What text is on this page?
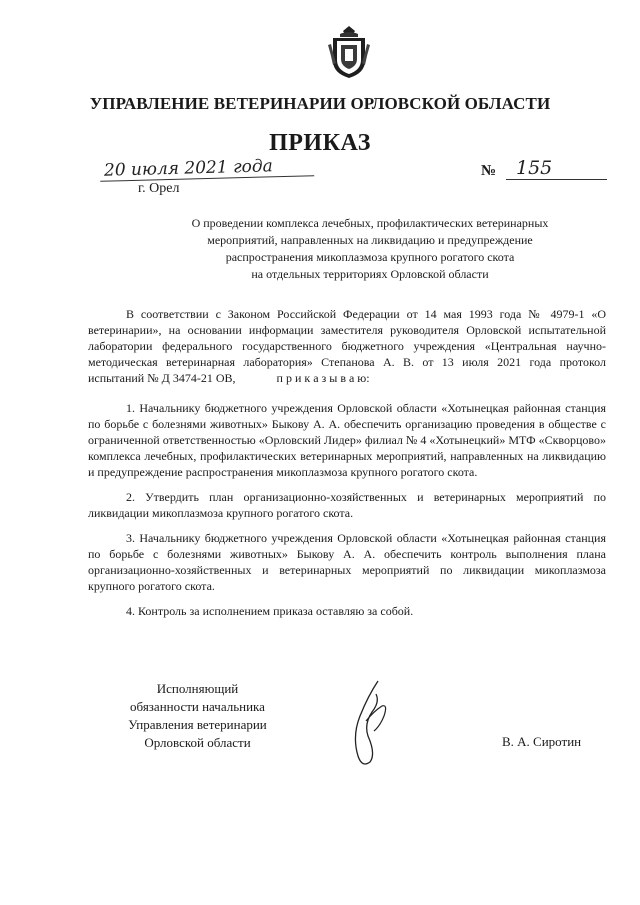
УПРАВЛЕНИЕ ВЕТЕРИНАРИИ ОРЛОВСКОЙ ОБЛАСТИ
ПРИКАЗ
20 июля 2021 года
г. Орел
№	155
О проведении комплекса лечебных, профилактических ветеринарных
мероприятий, направленных на ликвидацию и предупреждение
распространения микоплазмоза крупного рогатого скота
на отдельных территориях Орловской области

В соответствии с Законом Российской Федерации от 14 мая 1993 года № 4979-1 «О ветеринарии», на основании информации заместителя руководителя Орловской испытательной лаборатории федерального государственного бюджетного учреждения «Центральная научно-методическая ветеринарная лаборатория» Степанова А. В. от 13 июля 2021 года протокол испытаний № Д 3474-21 ОВ,	п р и к а з ы в а ю:

1. Начальнику бюджетного учреждения Орловской области «Хотынецкая районная станция по борьбе с болезнями животных» Быкову А. А. обеспечить организацию проведения в обществе с ограниченной ответственностью «Орловский Лидер» филиал № 4 «Хотынецкий» МТФ «Скворцово» комплекса лечебных, профилактических ветеринарных мероприятий, направленных на ликвидацию и предупреждение распространения микоплазмоза крупного рогатого скота.

2. Утвердить план организационно-хозяйственных и ветеринарных мероприятий по ликвидации микоплазмоза крупного рогатого скота.

3. Начальнику бюджетного учреждения Орловской области «Хотынецкая районная станция по борьбе с болезнями животных» Быкову А. А. обеспечить контроль выполнения плана организационно-хозяйственных и ветеринарных мероприятий по ликвидации микоплазмоза крупного рогатого скота.

4. Контроль за исполнением приказа оставляю за собой.

Исполняющий
обязанности начальника
Управления ветеринарии
Орловской области	В. А. Сиротин
